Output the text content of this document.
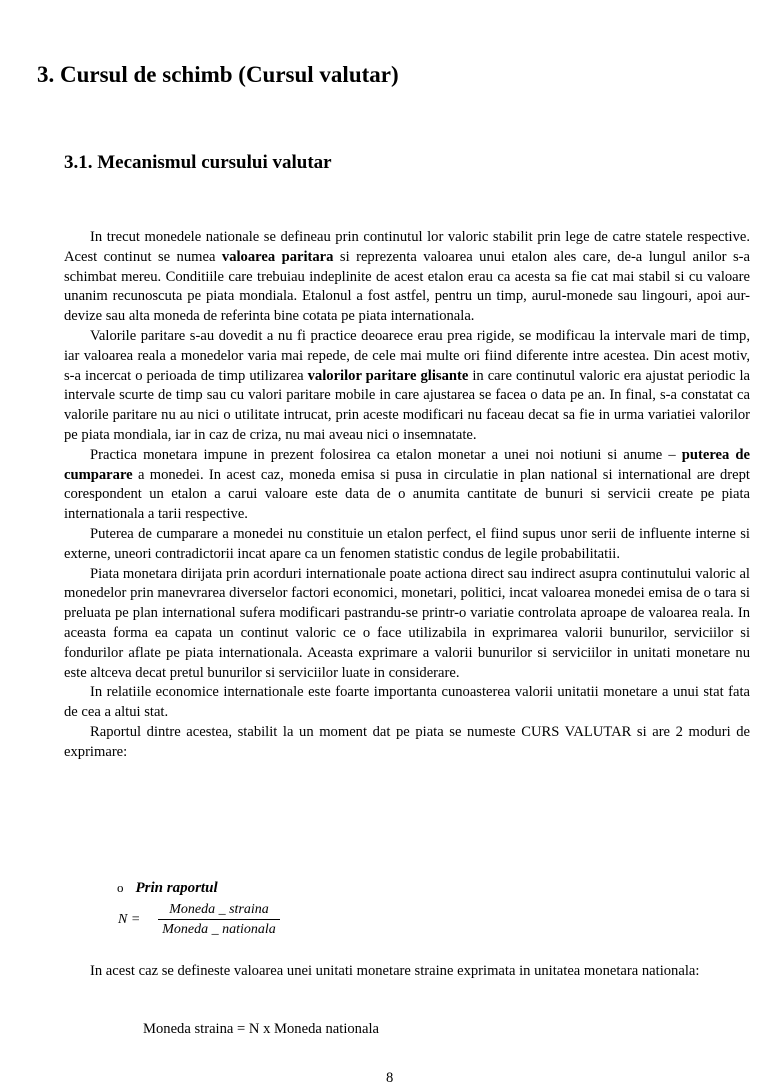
3. Cursul de schimb (Cursul valutar)
3.1. Mecanismul cursului valutar

In trecut monedele nationale se defineau prin continutul lor valoric stabilit prin lege de catre statele respective. Acest continut se numea valoarea paritara si reprezenta valoarea unui etalon ales care, de-a lungul anilor s-a schimbat mereu. Conditiile care trebuiau indeplinite de acest etalon erau ca acesta sa fie cat mai stabil si cu valoare unanim recunoscuta pe piata mondiala. Etalonul a fost astfel, pentru un timp, aurul-monede sau lingouri, apoi aur-devize sau alta moneda de referinta bine cotata pe piata internationala.

Valorile paritare s-au dovedit a nu fi practice deoarece erau prea rigide, se modificau la intervale mari de timp, iar valoarea reala a monedelor varia mai repede, de cele mai multe ori fiind diferente intre acestea. Din acest motiv, s-a incercat o perioada de timp utilizarea valorilor paritare glisante in care continutul valoric era ajustat periodic la intervale scurte de timp sau cu valori paritare mobile in care ajustarea se facea o data pe an. In final, s-a constatat ca valorile paritare nu au nici o utilitate intrucat, prin aceste modificari nu faceau decat sa fie in urma variatiei valorilor pe piata mondiala, iar in caz de criza, nu mai aveau nici o insemnatate.

Practica monetara impune in prezent folosirea ca etalon monetar a unei noi notiuni si anume – puterea de cumparare a monedei. In acest caz, moneda emisa si pusa in circulatie in plan national si international are drept corespondent un etalon a carui valoare este data de o anumita cantitate de bunuri si servicii create pe piata internationala a tarii respective.

Puterea de cumparare a monedei nu constituie un etalon perfect, el fiind supus unor serii de influente interne si externe, uneori contradictorii incat apare ca un fenomen statistic condus de legile probabilitatii.

Piata monetara dirijata prin acorduri internationale poate actiona direct sau indirect asupra continutului valoric al monedelor prin manevrarea diverselor factori economici, monetari, politici, incat valoarea monedei emisa de o tara si preluata pe plan international sufera modificari pastrandu-se printr-o variatie controlata aproape de valoarea reala. In aceasta forma ea capata un continut valoric ce o face utilizabila in exprimarea valorii bunurilor, serviciilor si fondurilor aflate pe piata internationala. Aceasta exprimare a valorii bunurilor si serviciilor in unitati monetare nu este altceva decat pretul bunurilor si serviciilor luate in considerare.

In relatiile economice internationale este foarte importanta cunoasterea valorii unitatii monetare a unui stat fata de cea a altui stat.

Raportul dintre acestea, stabilit la un moment dat pe piata se numeste CURS VALUTAR si are 2 moduri de exprimare:

o Prin raportul
N =
Moneda _ straina
Moneda _ nationala

In acest caz se defineste valoarea unei unitati monetare straine exprimata in unitatea monetara nationala:

Moneda straina = N x Moneda nationala
8
